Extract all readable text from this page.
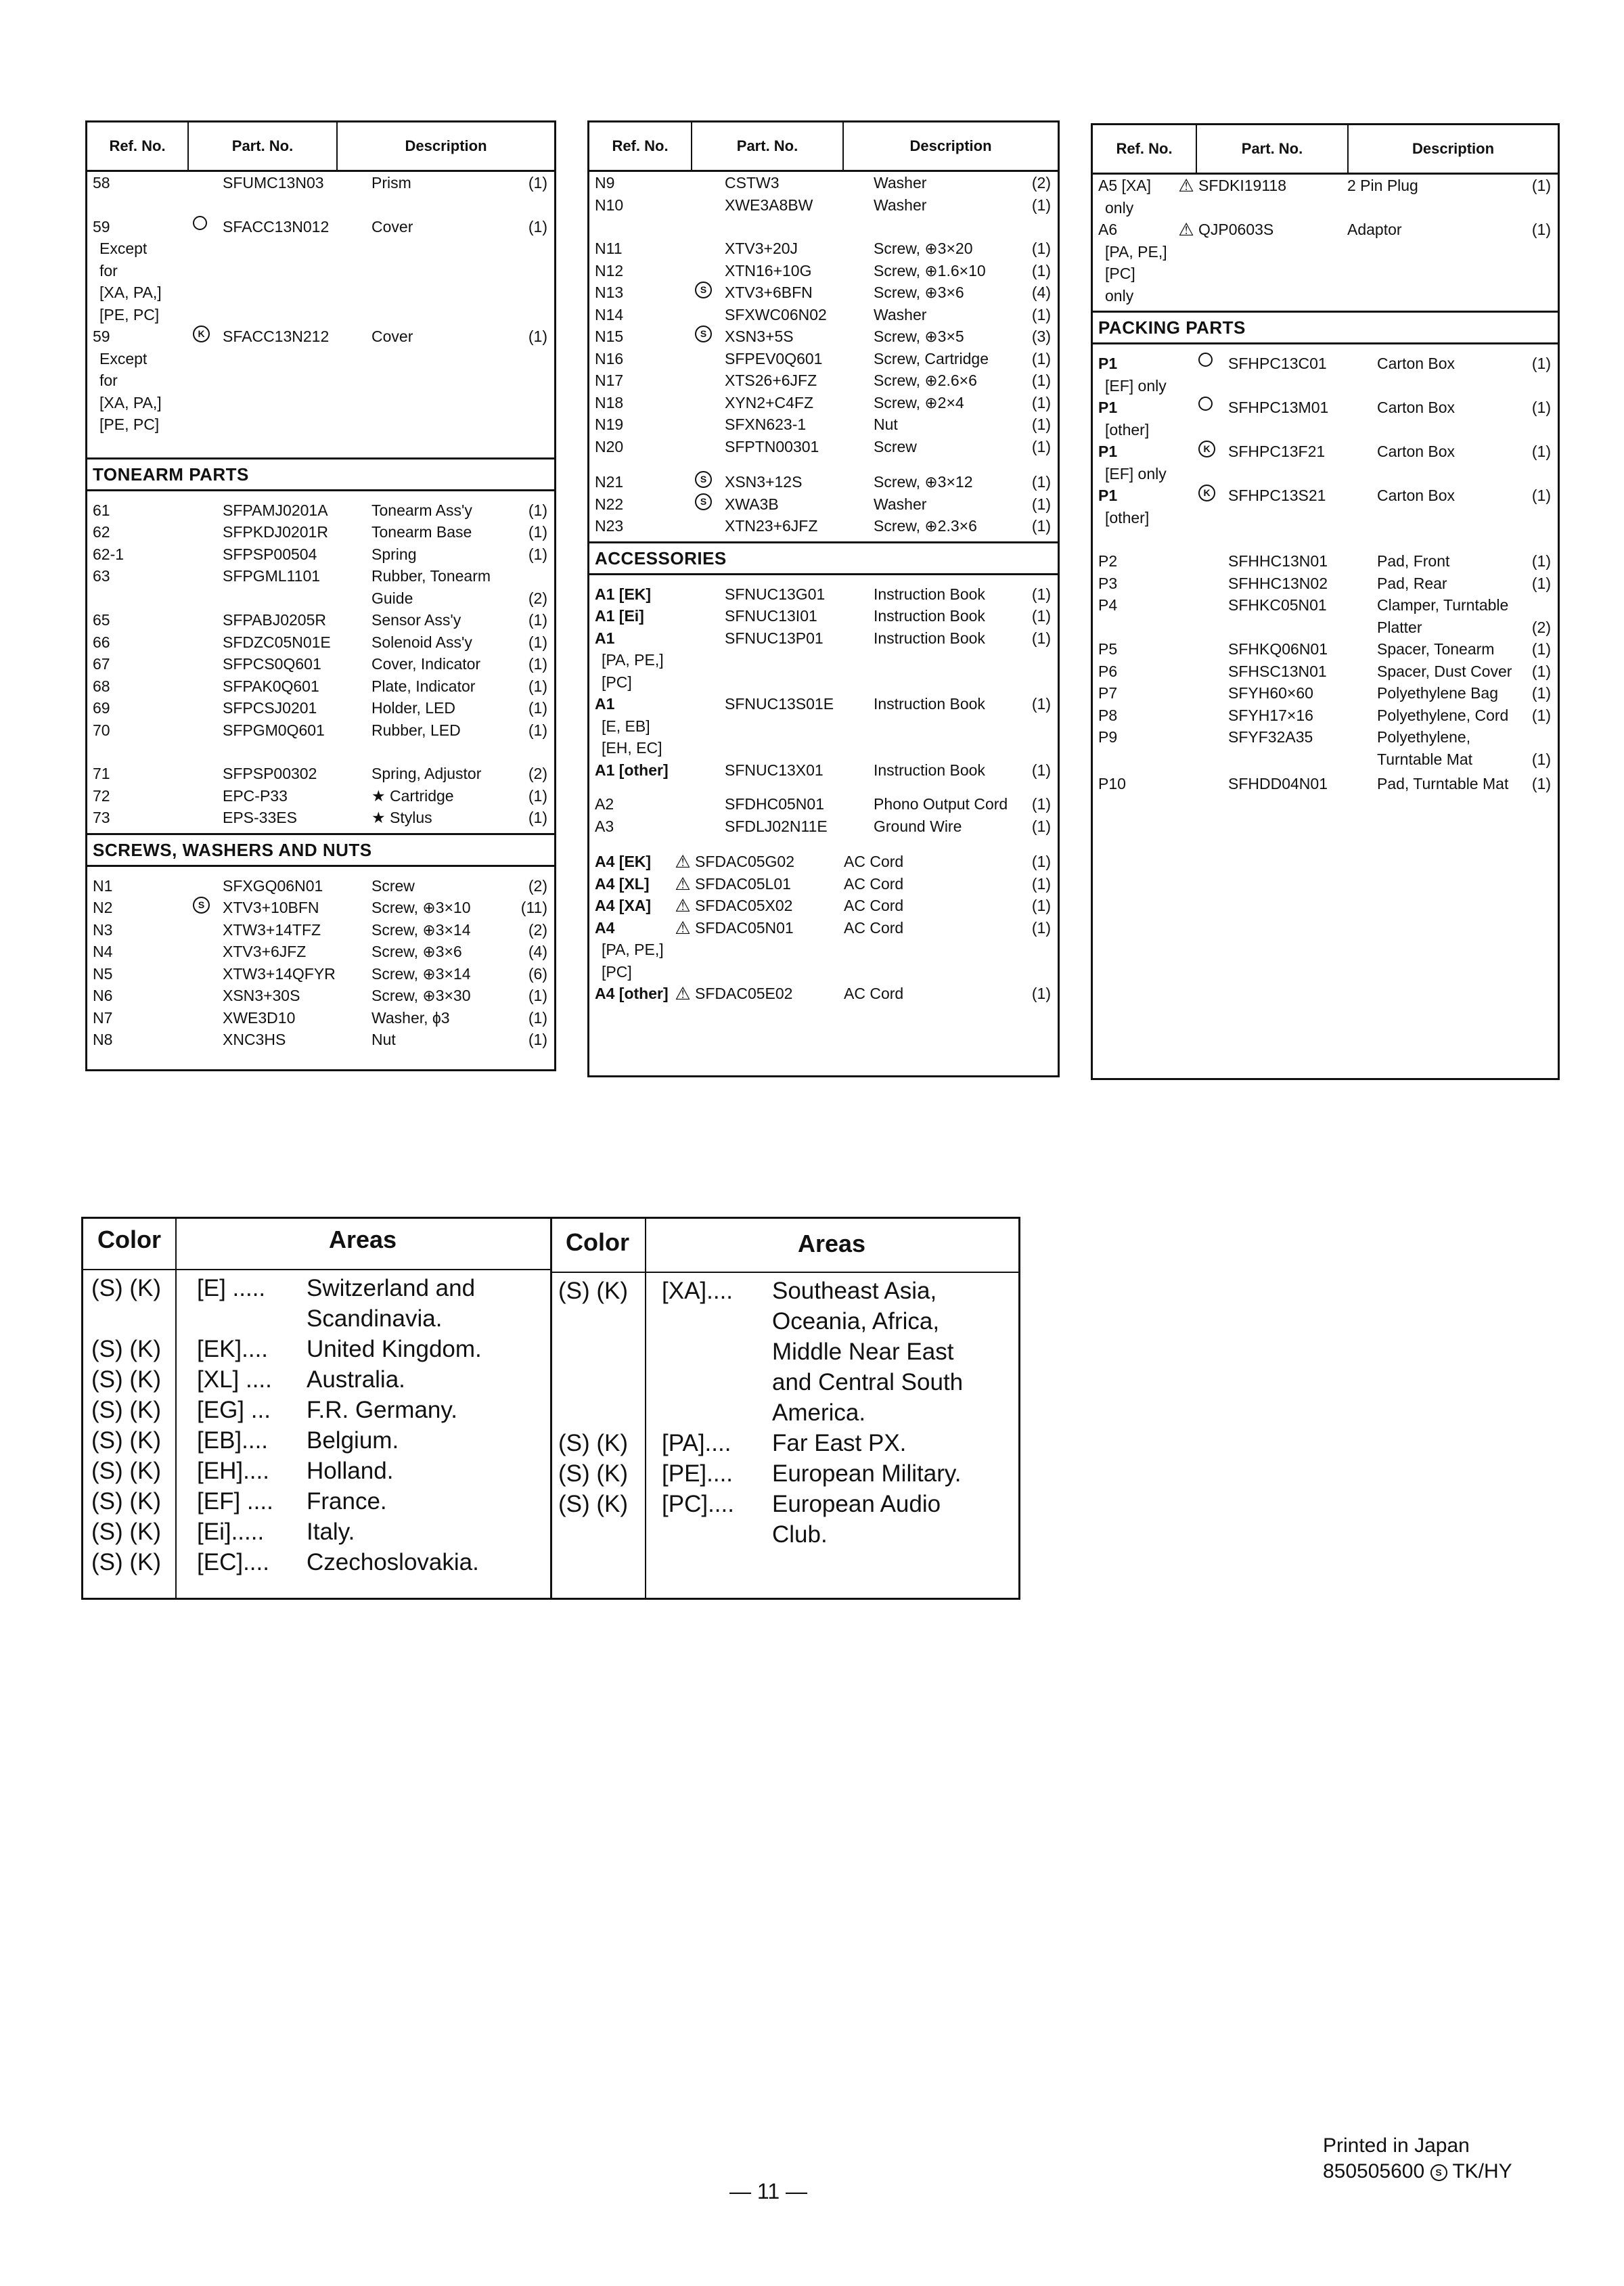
Ref. No.	Part. No.	Description
58	SFUMC13N03	Prism	(1)
59	SFACC13N012	Cover	(1)
Except
for
[XA, PA,]
[PE, PC]
59	K	SFACC13N212	Cover	(1)
Except
for
[XA, PA,]
[PE, PC]
TONEARM PARTS
61	SFPAMJ0201A	Tonearm Ass'y	(1)
62	SFPKDJ0201R	Tonearm Base	(1)
62-1	SFPSP00504	Spring	(1)
63	SFPGML1101	Rubber, Tonearm
Guide	(2)
65	SFPABJ0205R	Sensor Ass'y	(1)
66	SFDZC05N01E	Solenoid Ass'y	(1)
67	SFPCS0Q601	Cover, Indicator	(1)
68	SFPAK0Q601	Plate, Indicator	(1)
69	SFPCSJ0201	Holder, LED	(1)
70	SFPGM0Q601	Rubber, LED	(1)
71	SFPSP00302	Spring, Adjustor	(2)
72	EPC-P33	★ Cartridge	(1)
73	EPS-33ES	★ Stylus	(1)
SCREWS, WASHERS AND NUTS
N1	SFXGQ06N01	Screw	(2)
N2	S	XTV3+10BFN	Screw, ⊕3×10	(11)
N3	XTW3+14TFZ	Screw, ⊕3×14	(2)
N4	XTV3+6JFZ	Screw, ⊕3×6	(4)
N5	XTW3+14QFYR	Screw, ⊕3×14	(6)
N6	XSN3+30S	Screw, ⊕3×30	(1)
N7	XWE3D10	Washer, ϕ3	(1)
N8	XNC3HS	Nut	(1)
Ref. No.	Part. No.	Description
N9	CSTW3	Washer	(2)
N10	XWE3A8BW	Washer	(1)
N11	XTV3+20J	Screw, ⊕3×20	(1)
N12	XTN16+10G	Screw, ⊕1.6×10	(1)
N13	S	XTV3+6BFN	Screw, ⊕3×6	(4)
N14	SFXWC06N02	Washer	(1)
N15	S	XSN3+5S	Screw, ⊕3×5	(3)
N16	SFPEV0Q601	Screw, Cartridge	(1)
N17	XTS26+6JFZ	Screw, ⊕2.6×6	(1)
N18	XYN2+C4FZ	Screw, ⊕2×4	(1)
N19	SFXN623-1	Nut	(1)
N20	SFPTN00301	Screw	(1)
N21	S	XSN3+12S	Screw, ⊕3×12	(1)
N22	S	XWA3B	Washer	(1)
N23	XTN23+6JFZ	Screw, ⊕2.3×6	(1)
ACCESSORIES
A1 [EK]	SFNUC13G01	Instruction Book	(1)
A1 [Ei]	SFNUC13I01	Instruction Book	(1)
A1	SFNUC13P01	Instruction Book	(1)
[PA, PE,]
[PC]
A1	SFNUC13S01E	Instruction Book	(1)
[E, EB]
[EH, EC]
A1 [other]	SFNUC13X01	Instruction Book	(1)
A2	SFDHC05N01	Phono Output Cord	(1)
A3	SFDLJ02N11E	Ground Wire	(1)
A4 [EK]	⚠ SFDAC05G02	AC Cord	(1)
A4 [XL]	⚠ SFDAC05L01	AC Cord	(1)
A4 [XA]	⚠ SFDAC05X02	AC Cord	(1)
A4	⚠ SFDAC05N01	AC Cord	(1)
[PA, PE,]
[PC]
A4 [other] ⚠ SFDAC05E02	AC Cord	(1)
Ref. No.	Part. No.	Description
A5 [XA]	⚠ SFDKI19118	2 Pin Plug	(1)
only
A6	⚠ QJP0603S	Adaptor	(1)
[PA, PE,]
[PC]
only
PACKING PARTS
P1	SFHPC13C01	Carton Box	(1)
[EF] only
P1	SFHPC13M01	Carton Box	(1)
[other]
P1	K	SFHPC13F21	Carton Box	(1)
[EF] only
P1	K	SFHPC13S21	Carton Box	(1)
[other]
P2	SFHHC13N01	Pad, Front	(1)
P3	SFHHC13N02	Pad, Rear	(1)
P4	SFHKC05N01	Clamper, Turntable
Platter	(2)
P5	SFHKQ06N01	Spacer, Tonearm	(1)
P6	SFHSC13N01	Spacer, Dust Cover	(1)
P7	SFYH60×60	Polyethylene Bag	(1)
P8	SFYH17×16	Polyethylene, Cord	(1)
P9	SFYF32A35	Polyethylene,
Turntable Mat	(1)
P10	SFHDD04N01	Pad, Turntable Mat	(1)
Color	Areas	Color	Areas
(S) (K) [E] ..... Switzerland and
Scandinavia.
(S) (K) [EK].... United Kingdom.
(S) (K) [XL] .... Australia.
(S) (K) [EG] ... F.R. Germany.
(S) (K) [EB].... Belgium.
(S) (K) [EH].... Holland.
(S) (K) [EF] .... France.
(S) (K) [Ei]..... Italy.
(S) (K) [EC].... Czechoslovakia.
(S) (K) [XA].... Southeast Asia,
Oceania, Africa,
Middle Near East
and Central South
America.
(S) (K) [PA].... Far East PX.
(S) (K) [PE].... European Military.
(S) (K) [PC].... European Audio
Club.
— 11 —
Printed in Japan
850505600 S TK/HY
